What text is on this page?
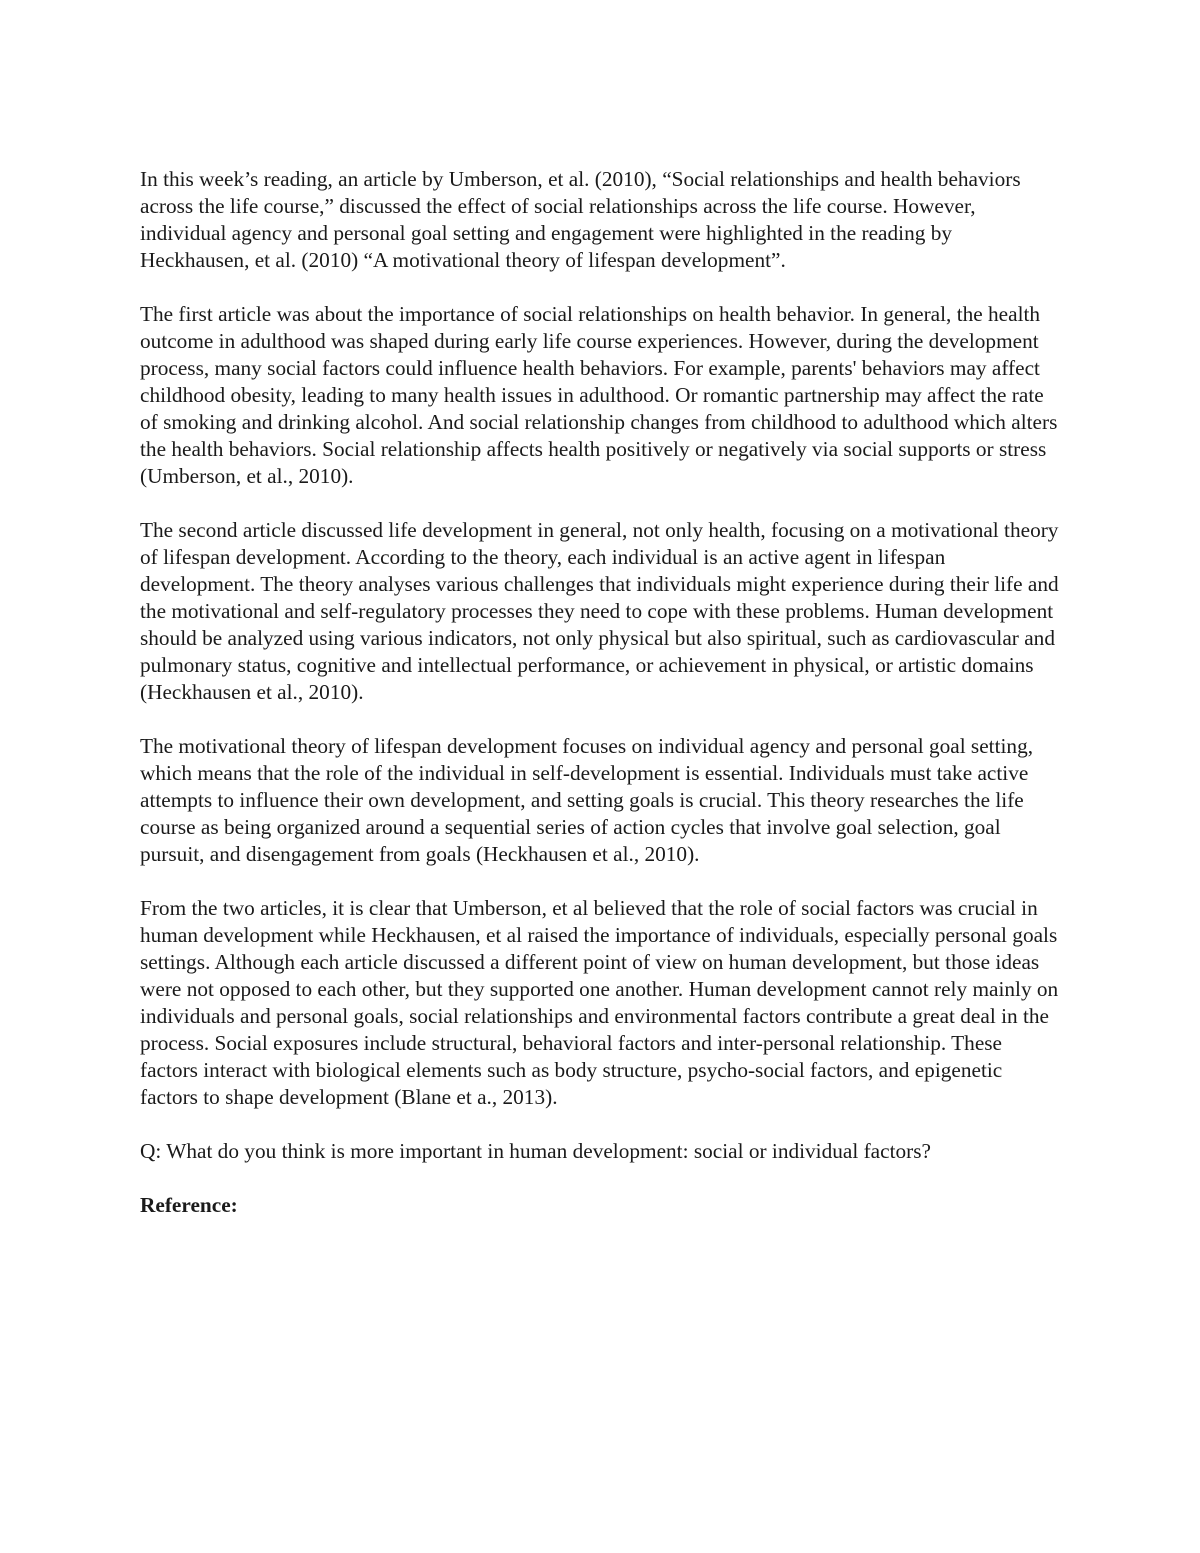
In this week’s reading, an article by Umberson, et al. (2010), “Social relationships and health behaviors across the life course,” discussed the effect of social relationships across the life course. However, individual agency and personal goal setting and engagement were highlighted in the reading by Heckhausen, et al. (2010) “A motivational theory of lifespan development”.

The first article was about the importance of social relationships on health behavior. In general, the health outcome in adulthood was shaped during early life course experiences. However, during the development process, many social factors could influence health behaviors. For example, parents' behaviors may affect childhood obesity, leading to many health issues in adulthood. Or romantic partnership may affect the rate of smoking and drinking alcohol. And social relationship changes from childhood to adulthood which alters the health behaviors. Social relationship affects health positively or negatively via social supports or stress (Umberson, et al., 2010).

The second article discussed life development in general, not only health, focusing on a motivational theory of lifespan development. According to the theory, each individual is an active agent in lifespan development. The theory analyses various challenges that individuals might experience during their life and the motivational and self-regulatory processes they need to cope with these problems. Human development should be analyzed using various indicators, not only physical but also spiritual, such as cardiovascular and pulmonary status, cognitive and intellectual performance, or achievement in physical, or artistic domains (Heckhausen et al., 2010).

The motivational theory of lifespan development focuses on individual agency and personal goal setting, which means that the role of the individual in self-development is essential. Individuals must take active attempts to influence their own development, and setting goals is crucial. This theory researches the life course as being organized around a sequential series of action cycles that involve goal selection, goal pursuit, and disengagement from goals (Heckhausen et al., 2010).

From the two articles, it is clear that Umberson, et al believed that the role of social factors was crucial in human development while Heckhausen, et al raised the importance of individuals, especially personal goals settings. Although each article discussed a different point of view on human development, but those ideas were not opposed to each other, but they supported one another. Human development cannot rely mainly on individuals and personal goals, social relationships and environmental factors contribute a great deal in the process. Social exposures include structural, behavioral factors and inter-personal relationship. These factors interact with biological elements such as body structure, psycho-social factors, and epigenetic factors to shape development (Blane et a., 2013).

Q: What do you think is more important in human development: social or individual factors?

Reference:
